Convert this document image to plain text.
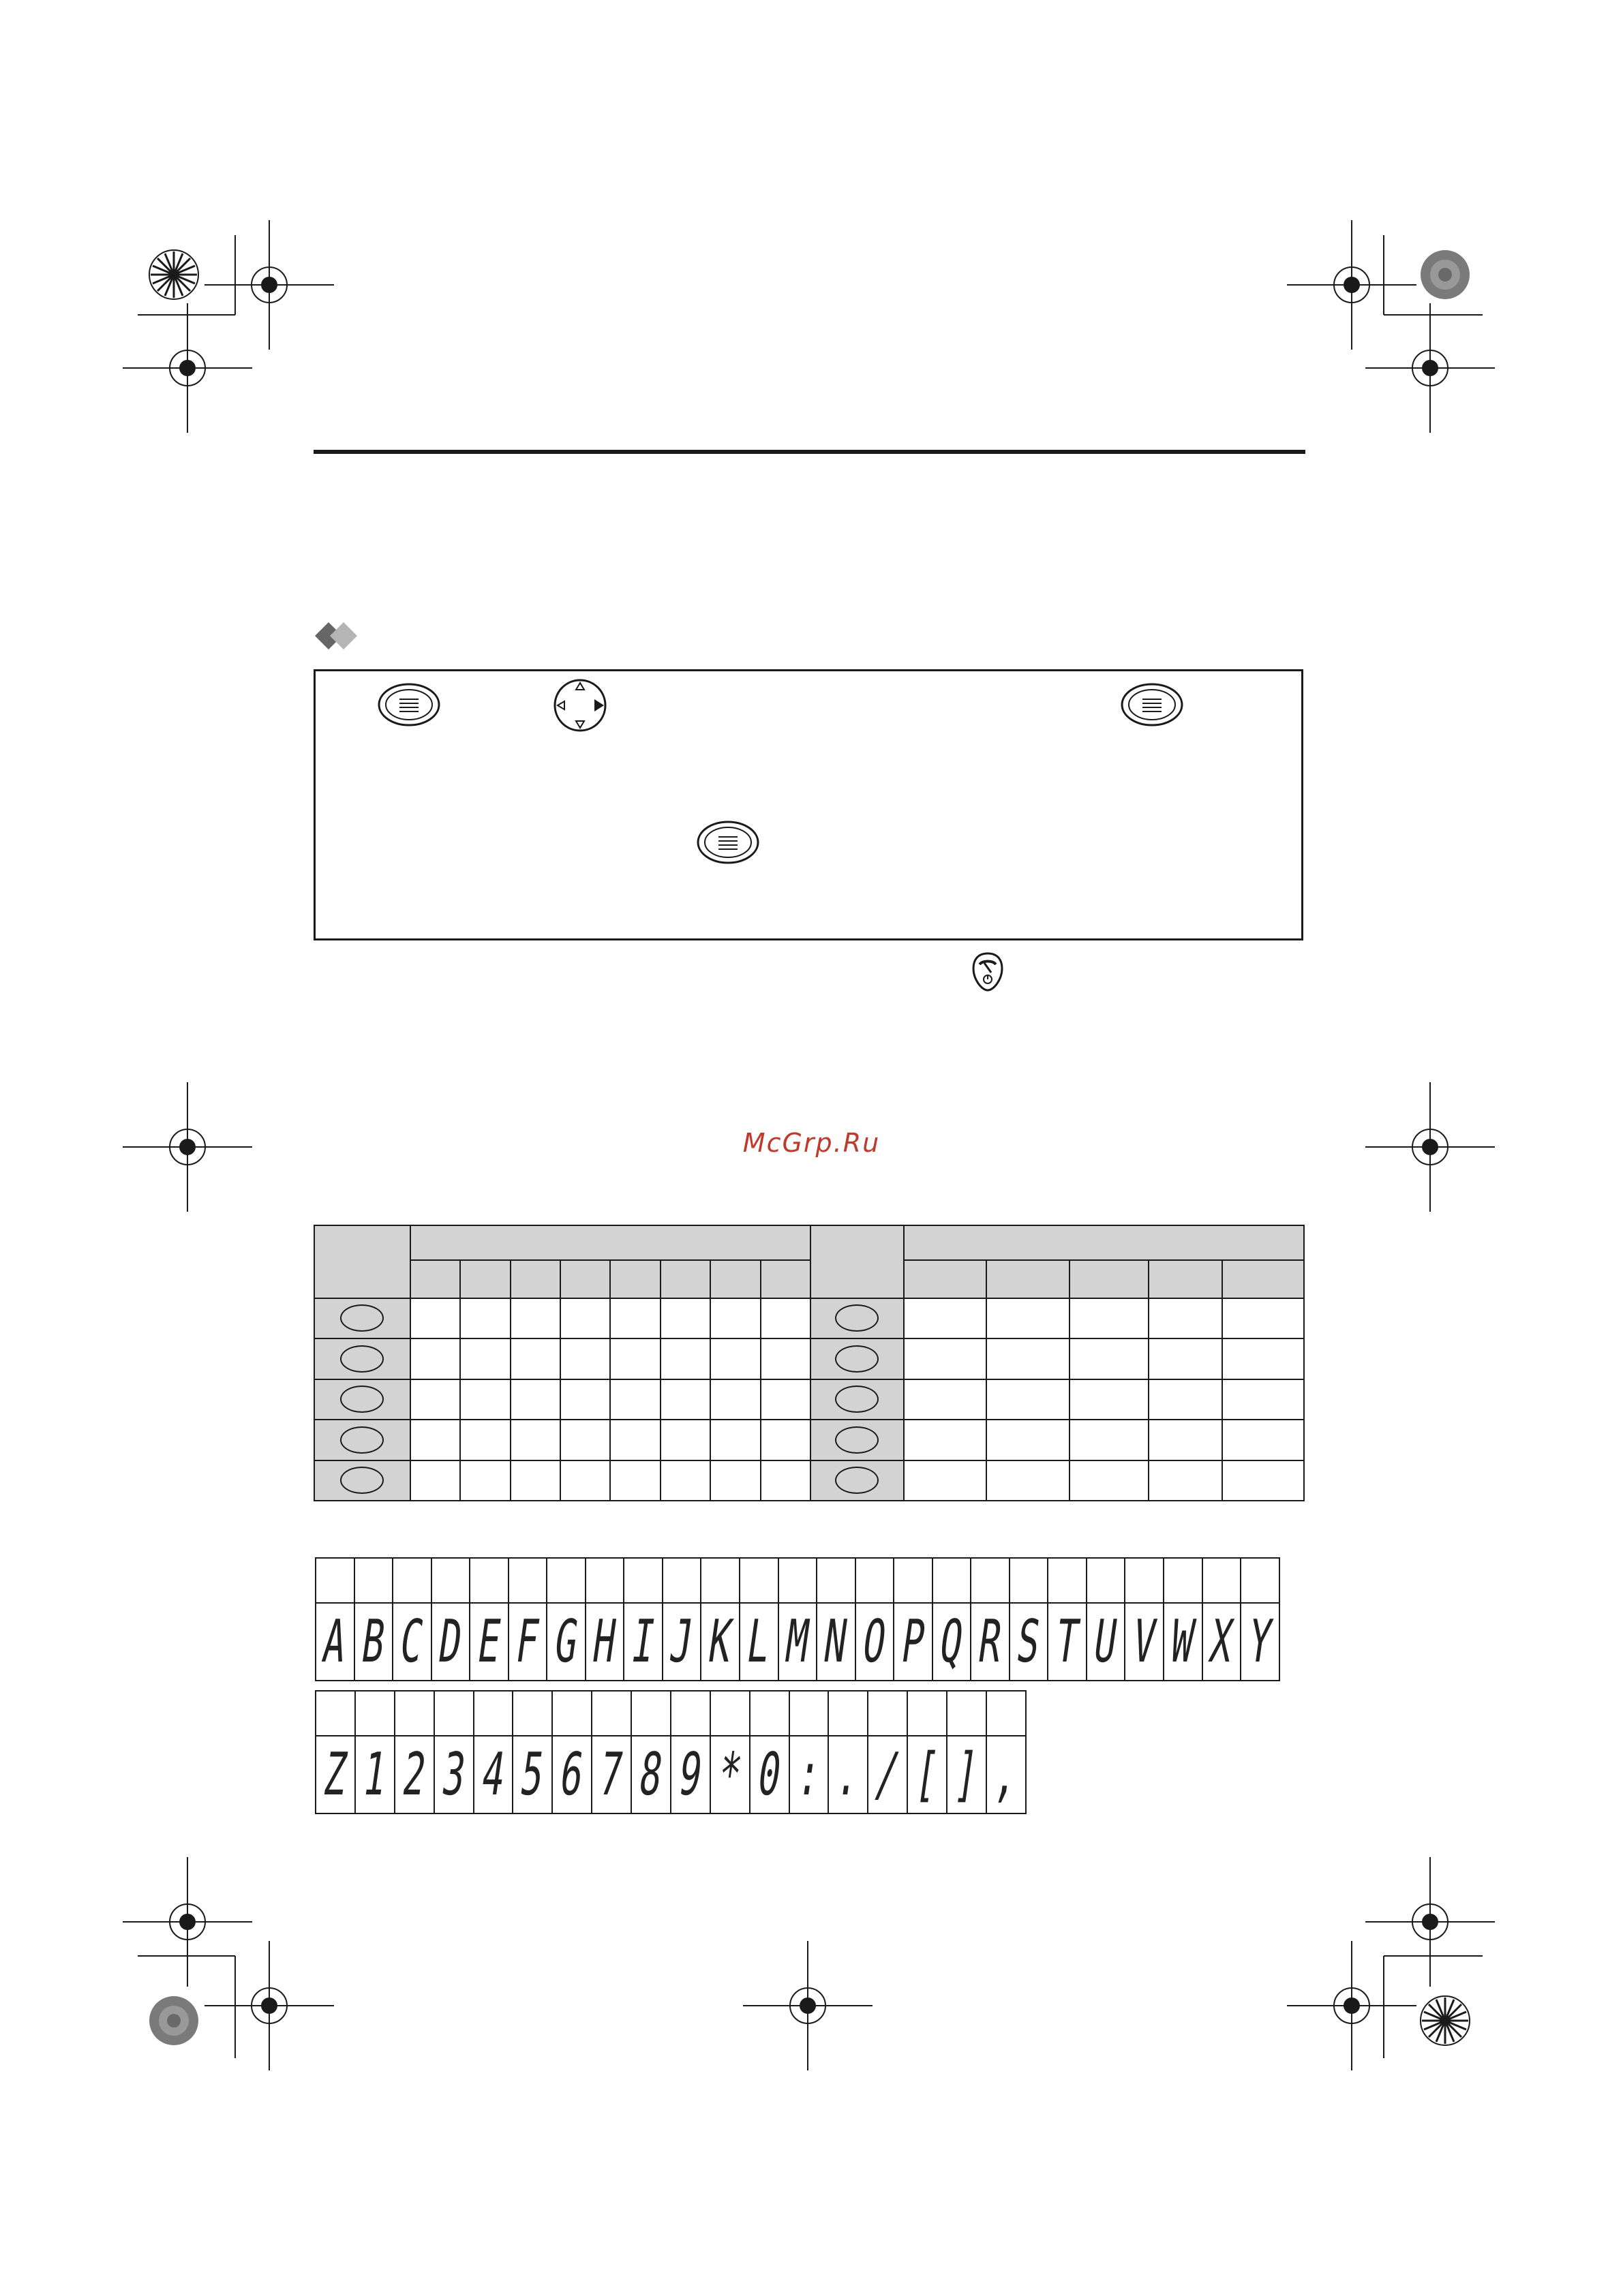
McGrp.Ru

A	B	C	D	E	F	G	H	I	J	K	L	M	N	O	P	Q	R	S	T	U	V	W	X	Y

Z	1	2	3	4	5	6	7	8	9	*	0	:	.	/	[	]	,
